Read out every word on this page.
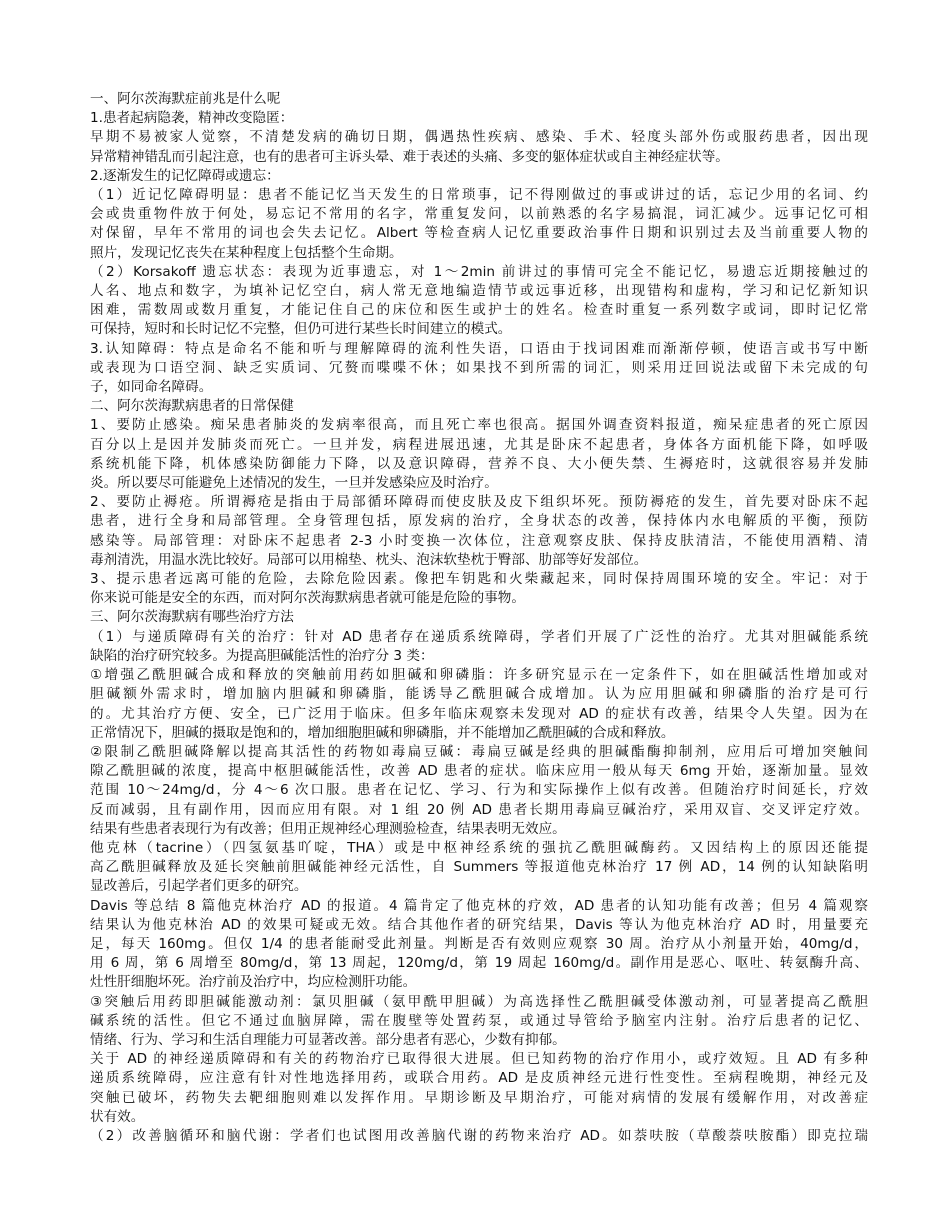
一、阿尔茨海默症前兆是什么呢
1.患者起病隐袭，精神改变隐匿：
早期不易被家人觉察，不清楚发病的确切日期，偶遇热性疾病、感染、手术、轻度头部外伤或服药患者，因出现
异常精神错乱而引起注意，也有的患者可主诉头晕、难于表述的头痛、多变的躯体症状或自主神经症状等。
2.逐渐发生的记忆障碍或遗忘：
（1）近记忆障碍明显：患者不能记忆当天发生的日常琐事，记不得刚做过的事或讲过的话，忘记少用的名词、约
会或贵重物件放于何处，易忘记不常用的名字，常重复发问，以前熟悉的名字易搞混，词汇减少。远事记忆可相
对保留，早年不常用的词也会失去记忆。Albert 等检查病人记忆重要政治事件日期和识别过去及当前重要人物的
照片，发现记忆丧失在某种程度上包括整个生命期。
（2）Korsakoff 遗忘状态：表现为近事遗忘，对 1～2min 前讲过的事情可完全不能记忆，易遗忘近期接触过的
人名、地点和数字，为填补记忆空白，病人常无意地编造情节或远事近移，出现错构和虚构，学习和记忆新知识
困难，需数周或数月重复，才能记住自己的床位和医生或护士的姓名。检查时重复一系列数字或词，即时记忆常
可保持，短时和长时记忆不完整，但仍可进行某些长时间建立的模式。
3.认知障碍：特点是命名不能和听与理解障碍的流利性失语，口语由于找词困难而渐渐停顿，使语言或书写中断
或表现为口语空洞、缺乏实质词、冗赘而喋喋不休；如果找不到所需的词汇，则采用迂回说法或留下未完成的句
子，如同命名障碍。
二、阿尔茨海默病患者的日常保健
1、要防止感染。痴呆患者肺炎的发病率很高，而且死亡率也很高。据国外调查资料报道，痴呆症患者的死亡原因
百分以上是因并发肺炎而死亡。一旦并发，病程进展迅速，尤其是卧床不起患者，身体各方面机能下降，如呼吸
系统机能下降，机体感染防御能力下降，以及意识障碍，营养不良、大小便失禁、生褥疮时，这就很容易并发肺
炎。所以要尽可能避免上述情况的发生，一旦并发感染应及时治疗。
2、要防止褥疮。所谓褥疮是指由于局部循环障碍而使皮肤及皮下组织坏死。预防褥疮的发生，首先要对卧床不起
患者，进行全身和局部管理。全身管理包括，原发病的治疗，全身状态的改善，保持体内水电解质的平衡，预防
感染等。局部管理：对卧床不起患者 2-3 小时变换一次体位，注意观察皮肤、保持皮肤清洁，不能使用酒精、清
毒剂清洗，用温水洗比较好。局部可以用棉垫、枕头、泡沫软垫枕于臀部、肋部等好发部位。
3、提示患者远离可能的危险，去除危险因素。像把车钥匙和火柴藏起来，同时保持周围环境的安全。牢记：对于
你来说可能是安全的东西，而对阿尔茨海默病患者就可能是危险的事物。
三、阿尔茨海默病有哪些治疗方法
（1）与递质障碍有关的治疗：针对 AD 患者存在递质系统障碍，学者们开展了广泛性的治疗。尤其对胆碱能系统
缺陷的治疗研究较多。为提高胆碱能活性的治疗分 3 类：
①增强乙酰胆碱合成和释放的突触前用药如胆碱和卵磷脂：许多研究显示在一定条件下，如在胆碱活性增加或对
胆碱额外需求时，增加脑内胆碱和卵磷脂，能诱导乙酰胆碱合成增加。认为应用胆碱和卵磷脂的治疗是可行
的。尤其治疗方便、安全，已广泛用于临床。但多年临床观察未发现对 AD 的症状有改善，结果令人失望。因为在
正常情况下，胆碱的摄取是饱和的，增加细胞胆碱和卵磷脂，并不能增加乙酰胆碱的合成和释放。
②限制乙酰胆碱降解以提高其活性的药物如毒扁豆碱：毒扁豆碱是经典的胆碱酯酶抑制剂，应用后可增加突触间
隙乙酰胆碱的浓度，提高中枢胆碱能活性，改善 AD 患者的症状。临床应用一般从每天 6mg 开始，逐渐加量。显效
范围 10～24mg/d，分 4～6 次口服。患者在记忆、学习、行为和实际操作上似有改善。但随治疗时间延长，疗效
反而减弱，且有副作用，因而应用有限。对 1 组 20 例 AD 患者长期用毒扁豆碱治疗，采用双盲、交叉评定疗效。
结果有些患者表现行为有改善；但用正规神经心理测验检查，结果表明无效应。
他克林（tacrine）（四氢氨基吖啶，THA）或是中枢神经系统的强抗乙酰胆碱酶药。又因结构上的原因还能提
高乙酰胆碱释放及延长突触前胆碱能神经元活性，自 Summers 等报道他克林治疗 17 例 AD，14 例的认知缺陷明
显改善后，引起学者们更多的研究。
Davis 等总结 8 篇他克林治疗 AD 的报道。4 篇肯定了他克林的疗效，AD 患者的认知功能有改善；但另 4 篇观察
结果认为他克林治 AD 的效果可疑或无效。结合其他作者的研究结果，Davis 等认为他克林治疗 AD 时，用量要充
足，每天 160mg。但仅 1/4 的患者能耐受此剂量。判断是否有效则应观察 30 周。治疗从小剂量开始，40mg/d，
用 6 周，第 6 周增至 80mg/d，第 13 周起，120mg/d，第 19 周起 160mg/d。副作用是恶心、呕吐、转氨酶升高、
灶性肝细胞坏死。治疗前及治疗中，均应检测肝功能。
③突触后用药即胆碱能激动剂：氯贝胆碱（氨甲酰甲胆碱）为高选择性乙酰胆碱受体激动剂，可显著提高乙酰胆
碱系统的活性。但它不通过血脑屏障，需在腹壁等处置药泵，或通过导管给予脑室内注射。治疗后患者的记忆、
情绪、行为、学习和生活自理能力可显著改善。部分患者有恶心，少数有抑郁。
关于 AD 的神经递质障碍和有关的药物治疗已取得很大进展。但已知药物的治疗作用小，或疗效短。且 AD 有多种
递质系统障碍，应注意有针对性地选择用药，或联合用药。AD 是皮质神经元进行性变性。至病程晚期，神经元及
突触已破坏，药物失去靶细胞则难以发挥作用。早期诊断及早期治疗，可能对病情的发展有缓解作用，对改善症
状有效。
（2）改善脑循环和脑代谢：学者们也试图用改善脑代谢的药物来治疗 AD。如萘呋胺（草酸萘呋胺酯）即克拉瑞
